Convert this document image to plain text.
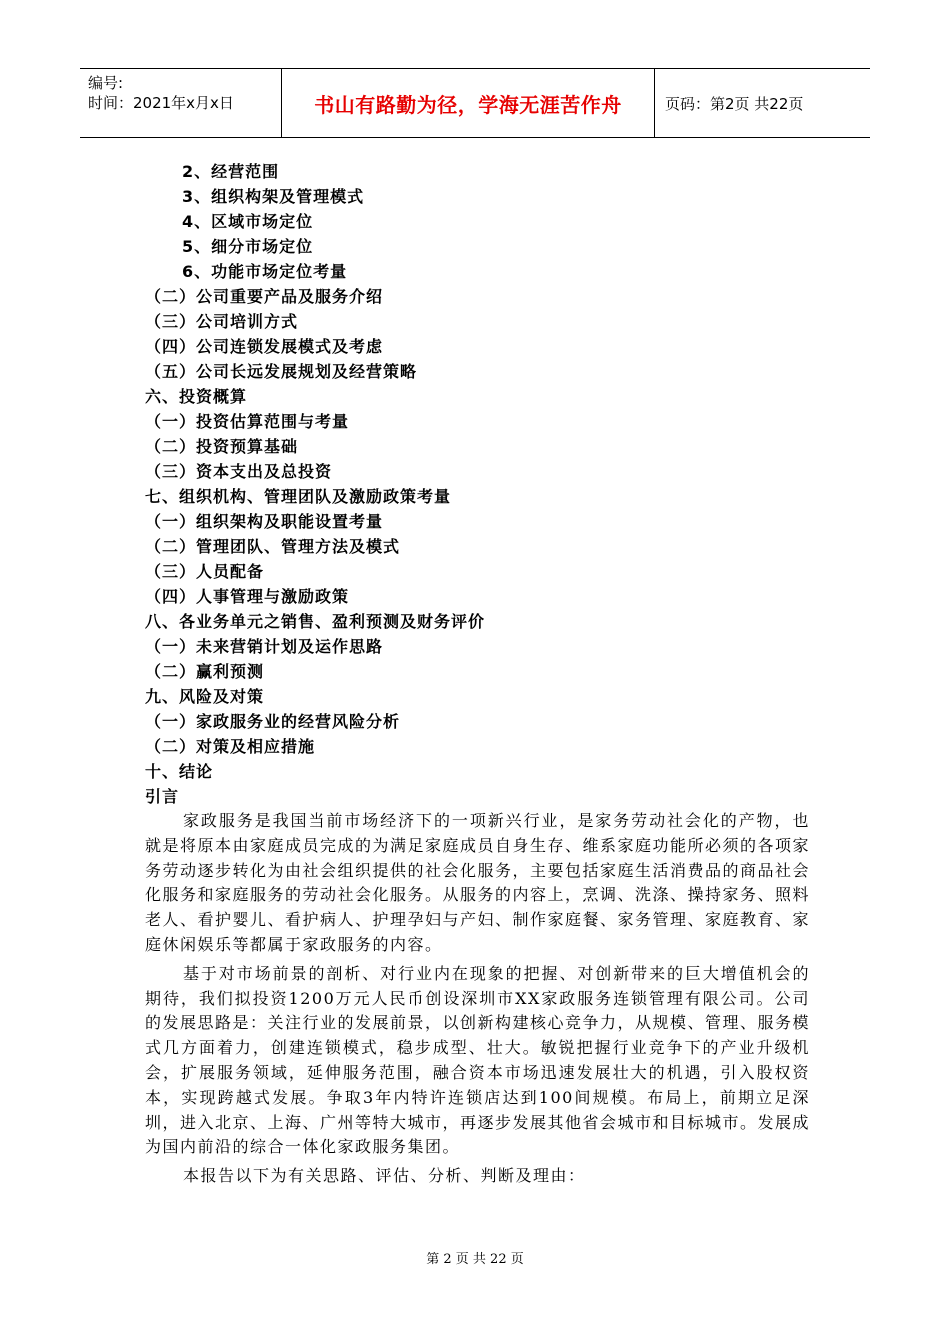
编号:
时间：2021年x月x日	书山有路勤为径，学海无涯苦作舟	页码：第2页 共22页
2、经营范围
3、组织构架及管理模式
4、区域市场定位
5、细分市场定位
6、功能市场定位考量
（二）公司重要产品及服务介绍
（三）公司培训方式
（四）公司连锁发展模式及考虑
（五）公司长远发展规划及经营策略
六、投资概算
（一）投资估算范围与考量
（二）投资预算基础
（三）资本支出及总投资
七、组织机构、管理团队及激励政策考量
（一）组织架构及职能设置考量
（二）管理团队、管理方法及模式
（三）人员配备
（四）人事管理与激励政策
八、各业务单元之销售、盈利预测及财务评价
（一）未来营销计划及运作思路
（二）赢利预测
九、风险及对策
（一）家政服务业的经营风险分析
（二）对策及相应措施
十、结论
引言

家政服务是我国当前市场经济下的一项新兴行业，是家务劳动社会化的产物，也就是将原本由家庭成员完成的为满足家庭成员自身生存、维系家庭功能所必须的各项家务劳动逐步转化为由社会组织提供的社会化服务，主要包括家庭生活消费品的商品社会化服务和家庭服务的劳动社会化服务。从服务的内容上，烹调、洗涤、操持家务、照料老人、看护婴儿、看护病人、护理孕妇与产妇、制作家庭餐、家务管理、家庭教育、家庭休闲娱乐等都属于家政服务的内容。

基于对市场前景的剖析、对行业内在现象的把握、对创新带来的巨大增值机会的期待，我们拟投资1200万元人民币创设深圳市XX家政服务连锁管理有限公司。公司的发展思路是：关注行业的发展前景，以创新构建核心竞争力，从规模、管理、服务模式几方面着力，创建连锁模式，稳步成型、壮大。敏锐把握行业竞争下的产业升级机会，扩展服务领域，延伸服务范围，融合资本市场迅速发展壮大的机遇，引入股权资本，实现跨越式发展。争取3年内特许连锁店达到100间规模。布局上，前期立足深圳，进入北京、上海、广州等特大城市，再逐步发展其他省会城市和目标城市。发展成为国内前沿的综合一体化家政服务集团。

本报告以下为有关思路、评估、分析、判断及理由：

第 2 页 共 22 页
